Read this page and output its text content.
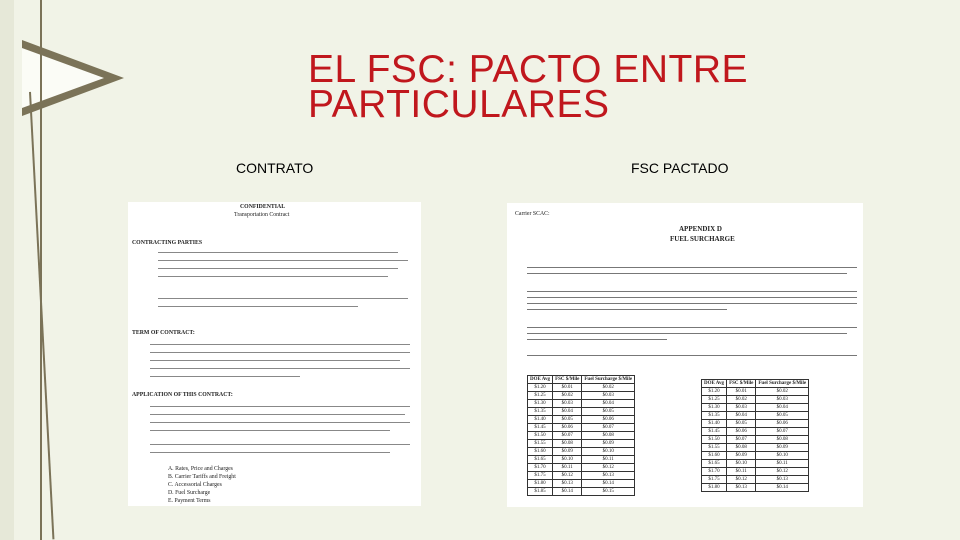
EL FSC: PACTO ENTRE
PARTICULARES
CONTRATO	FSC PACTADO
CONFIDENTIAL
Transportation Contract
CONTRACTING PARTIES
TERM OF CONTRACT:
APPLICATION OF THIS CONTRACT:
A. Rates, Price and Charges
B. Carrier Tariffs and Freight
C. Accessorial Charges
D. Fuel Surcharge
E. Payment Terms
Carrier SCAC:
APPENDIX D
FUEL SURCHARGE
DOE Avg	FSC $/Mile	Fuel Surcharge $/Mile
$1.20	$0.01	$0.02
$1.25	$0.02	$0.03
$1.30	$0.03	$0.04
$1.35	$0.04	$0.05
$1.40	$0.05	$0.06
$1.45	$0.06	$0.07
$1.50	$0.07	$0.08
$1.55	$0.08	$0.09
$1.60	$0.09	$0.10
$1.65	$0.10	$0.11
$1.70	$0.11	$0.12
$1.75	$0.12	$0.13
$1.80	$0.13	$0.14
$1.85	$0.14	$0.15
DOE Avg	FSC $/Mile	Fuel Surcharge $/Mile
$1.20	$0.01	$0.02
$1.25	$0.02	$0.03
$1.30	$0.03	$0.04
$1.35	$0.04	$0.05
$1.40	$0.05	$0.06
$1.45	$0.06	$0.07
$1.50	$0.07	$0.08
$1.55	$0.08	$0.09
$1.60	$0.09	$0.10
$1.65	$0.10	$0.11
$1.70	$0.11	$0.12
$1.75	$0.12	$0.13
$1.80	$0.13	$0.14
